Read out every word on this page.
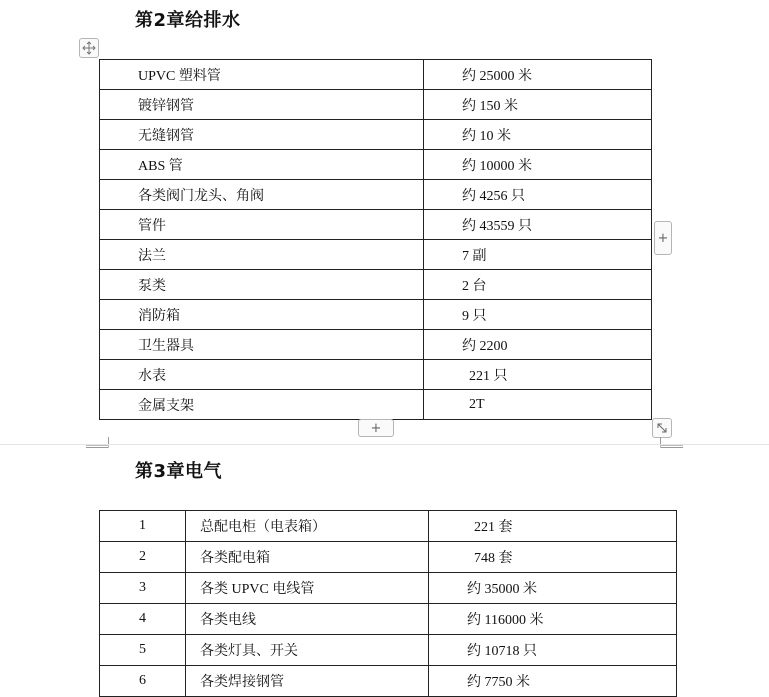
第2章给排水
UPVC 塑料管	约 25000 米
镀锌钢管	约 150 米
无缝钢管	约 10 米
ABS 管	约 10000 米
各类阀门龙头、角阀	约 4256 只
管件	约 43559 只
法兰	7 副
泵类	2 台
消防箱	9 只
卫生器具	约 2200
水表	221 只
金属支架	2T
+
+
第3章电气
1	总配电柜（电表箱）	221 套
2	各类配电箱	748 套
3	各类 UPVC 电线管	约 35000 米
4	各类电线	约 116000 米
5	各类灯具、开关	约 10718 只
6	各类焊接钢管	约 7750 米
